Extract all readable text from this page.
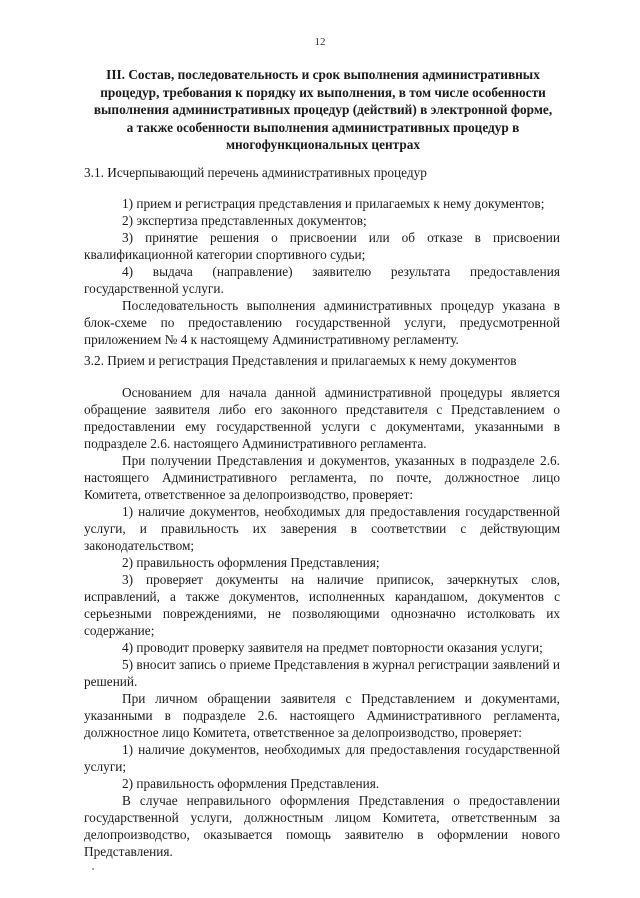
12
III. Состав, последовательность и срок выполнения административных
процедур, требования к порядку их выполнения, в том числе особенности
выполнения административных процедур (действий) в электронной форме,
а также особенности выполнения административных процедур в
многофункциональных центрах
3.1. Исчерпывающий перечень административных процедур

1) прием и регистрация представления и прилагаемых к нему документов;

2) экспертиза представленных документов;

3) принятие решения о присвоении или об отказе в присвоении квалификационной категории спортивного судьи;

4) выдача (направление) заявителю результата предоставления государственной услуги.

Последовательность выполнения административных процедур указана в блок-схеме по предоставлению государственной услуги, предусмотренной приложением № 4 к настоящему Административному регламенту.

3.2. Прием и регистрация Представления и прилагаемых к нему документов

Основанием для начала данной административной процедуры является обращение заявителя либо его законного представителя с Представлением о предоставлении ему государственной услуги с документами, указанными в подразделе 2.6. настоящего Административного регламента.

При получении Представления и документов, указанных в подразделе 2.6. настоящего Административного регламента, по почте, должностное лицо Комитета, ответственное за делопроизводство, проверяет:

1) наличие документов, необходимых для предоставления государственной услуги, и правильность их заверения в соответствии с действующим законодательством;

2) правильность оформления Представления;

3) проверяет документы на наличие приписок, зачеркнутых слов, исправлений, а также документов, исполненных карандашом, документов с серьезными повреждениями, не позволяющими однозначно истолковать их содержание;

4) проводит проверку заявителя на предмет повторности оказания услуги;

5) вносит запись о приеме Представления в журнал регистрации заявлений и решений.

При личном обращении заявителя с Представлением и документами, указанными в подразделе 2.6. настоящего Административного регламента, должностное лицо Комитета, ответственное за делопроизводство, проверяет:

1) наличие документов, необходимых для предоставления государственной услуги;

2) правильность оформления Представления.

В случае неправильного оформления Представления о предоставлении государственной услуги, должностным лицом Комитета, ответственным за делопроизводство, оказывается помощь заявителю в оформлении нового Представления.
